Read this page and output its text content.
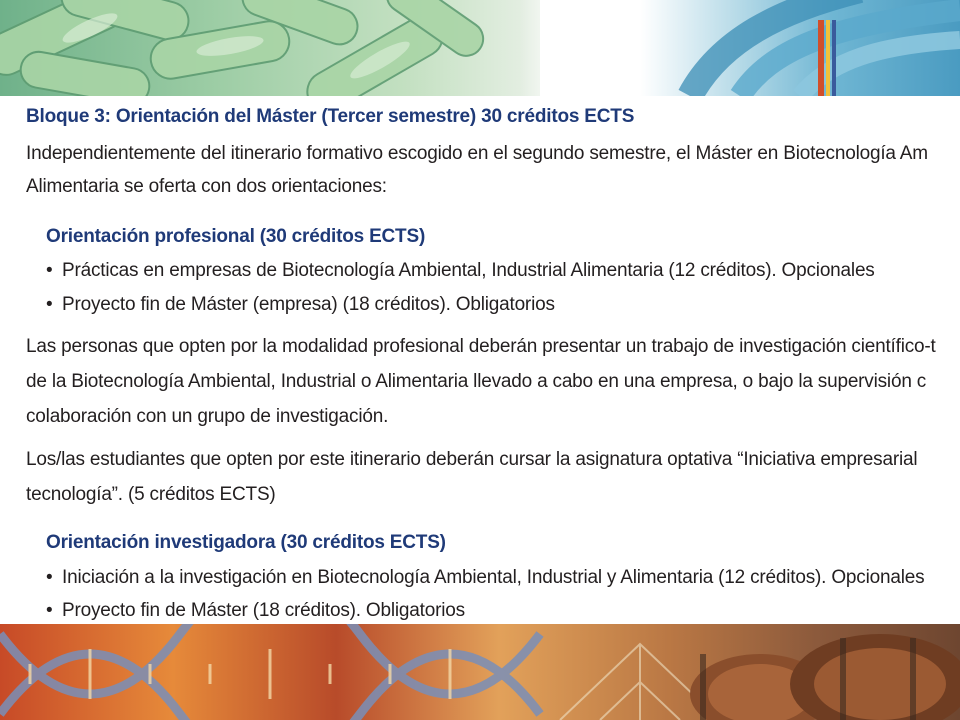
Bloque 3: Orientación del Máster (Tercer semestre) 30 créditos ECTS
Independientemente del itinerario formativo escogido en el segundo semestre, el Máster en Biotecnología Am
Alimentaria se oferta con dos orientaciones:
Orientación profesional (30 créditos ECTS)
• Prácticas en empresas de Biotecnología Ambiental, Industrial Alimentaria (12 créditos). Opcionales
• Proyecto fin de Máster (empresa) (18 créditos). Obligatorios
Las personas que opten por la modalidad profesional deberán presentar un trabajo de investigación científico-t
de la Biotecnología Ambiental, Industrial o Alimentaria llevado a cabo en una empresa, o bajo la supervisión c
colaboración con un grupo de investigación.
Los/las estudiantes que opten por este itinerario deberán cursar la asignatura optativa “Iniciativa empresarial
tecnología”. (5 créditos ECTS)
Orientación investigadora (30 créditos ECTS)
• Iniciación a la investigación en Biotecnología Ambiental, Industrial y Alimentaria (12 créditos). Opcionales
• Proyecto fin de Máster (18 créditos). Obligatorios
